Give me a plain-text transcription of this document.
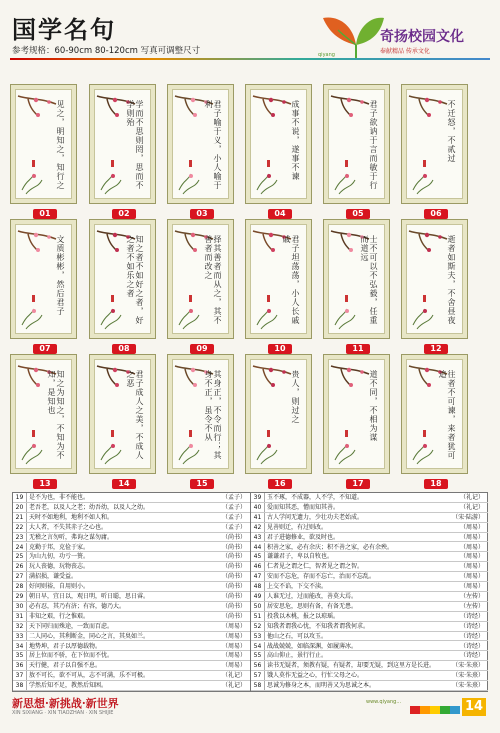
国学名句
参考规格：60-90cm 80-120cm 写真可调整尺寸
奇扬校园文化
奉献精品 传承文化
qiyang
见之，明知之，知行之
01
学而不思则罔，思而不学则殆
02
君子喻于义，小人喻于利
03
成事不说，遂事不谏
04
君子欲讷于言而敏于行
05
不迁怒，不贰过
06
文质彬彬，然后君子
07
知之者不如好之者，好之者不如乐之者
08
择其善者而从之，其不善者而改之
09
君子坦荡荡，小人长戚戚
10
士不可以不弘毅，任重而道远
11
逝者如斯夫，不舍昼夜
12
知之为知之，不知为不知，是知也
13
君子成人之美，不成人之恶
14
其身正，不令而行；其身不正，虽令不从
15
贵人，则过之
16
道不同，不相为谋
17
往者不可谏，来者犹可追
18
19 是不为也，非不能也。	（孟子）
20 老吾老，以及人之老；幼吾幼，以及人之幼。	（孟子）
21 天时不如地利，地利不如人和。	（孟子）
22 大人者，不失其赤子之心也。	（孟子）
23 无稽之言勿听，弗询之谋勿庸。	（尚书）
24 克勤于邦，克俭于家。	（尚书）
25 为山九仞，功亏一篑。	（尚书）
26 玩人丧德，玩物丧志。	（尚书）
27 满招损，谦受益。	（尚书）
28 好问则裕，自用则小。	（尚书）
29 朝日早，宜日以，观日明，听日聪，思日睿。	（尚书）
30 必有忍，其乃有济；有容，德乃大。	（尚书）
31 非知之艰，行之惟艰。	（尚书）
32 天下同归而殊途，一致而百虑。	（周易）
33 二人同心，其利断金，同心之言，其臭如兰。	（周易）
34 地势坤，君子以厚德载物。	（周易）
35 居上位而不骄，在下位而不忧。	（周易）
36 天行健，君子以自强不息。	（周易）
37 敖不可长，欲不可从，志不可满，乐不可极。	（礼记）
38 学然后知不足，教然后知困。	（礼记）
39 玉不琢，不成器，人不学，不知道。	（礼记）
40 爱而知其恶，憎而知其善。	（礼记）
41 古人学问无遗力，少壮功夫老始成。	（宋·陆游）
42 见善则迁，有过则改。	（周易）
43 君子进德修业，欲及时也。	（周易）
44 积善之家，必有余庆；积不善之家，必有余殃。	（周易）
45 谦谦君子，卑以自牧也。	（周易）
46 仁者见之谓之仁，智者见之谓之智。	（周易）
47 安而不忘危，存而不忘亡，治而不忘乱。	（周易）
48 上交不谄，下交不渎。	（周易）
49 人谁无过，过而能改，善莫大焉。	（左传）
50 居安思危，思则有备，有备无患。	（左传）
51 投我以木桃，报之以琼瑶。	（诗经）
52 知我者谓我心忧，不知我者谓我何求。	（诗经）
53 他山之石，可以攻玉。	（诗经）
54 战战兢兢，如临深渊，如履薄冰。	（诗经）
55 高山仰止，景行行止。	（诗经）
56 读书无疑者，须教有疑，有疑者，却要无疑，到这里方是长进。	（宋·朱熹）
57 饿人莫作无益之心，行忙父母之心。	（宋·朱熹）
58 思诚为修身之本，而明善又为思诚之本。	（宋·朱熹）
新思想·新挑战·新世界
XIN SIXIANG · XIN TIAOZHAN · XIN SHIJIE
www.qiyang...	14
